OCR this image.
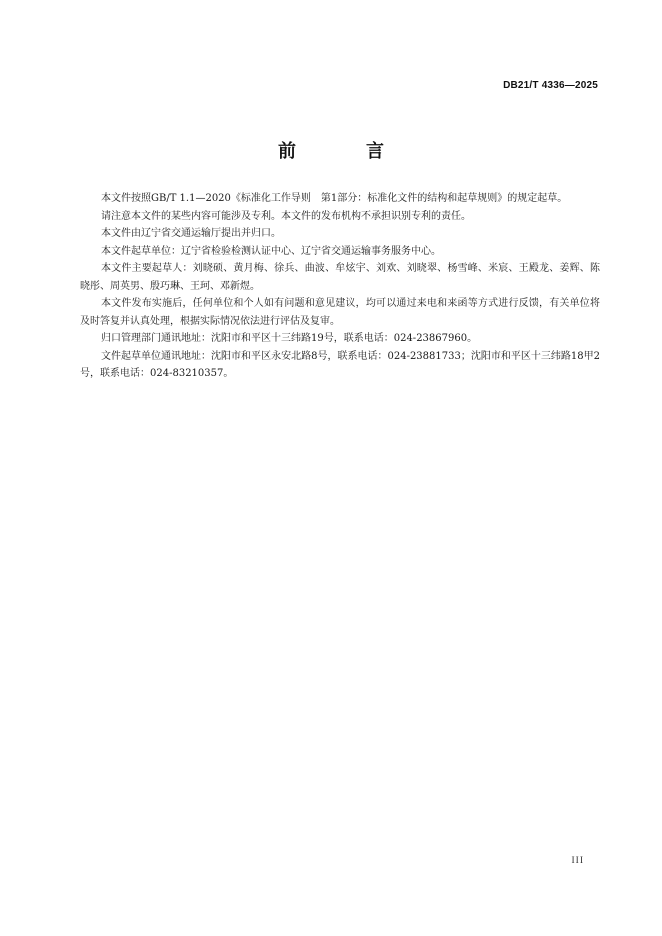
DB21/T 4336—2025
前　言

本文件按照GB/T 1.1—2020《标准化工作导则　第1部分：标准化文件的结构和起草规则》的规定起草。

请注意本文件的某些内容可能涉及专利。本文件的发布机构不承担识别专利的责任。

本文件由辽宁省交通运输厅提出并归口。

本文件起草单位：辽宁省检验检测认证中心、辽宁省交通运输事务服务中心。

本文件主要起草人：刘晓硕、黄月梅、徐兵、曲波、牟炫宇、刘欢、刘晓翠、杨雪峰、米宸、王殿龙、姜辉、陈晓彤、周英男、殷巧琳、王珂、邓新煜。

本文件发布实施后，任何单位和个人如有问题和意见建议，均可以通过来电和来函等方式进行反馈，有关单位将及时答复并认真处理，根据实际情况依法进行评估及复审。

归口管理部门通讯地址：沈阳市和平区十三纬路19号，联系电话：024-23867960。

文件起草单位通讯地址：沈阳市和平区永安北路8号，联系电话：024-23881733；沈阳市和平区十三纬路18甲2号，联系电话：024-83210357。

III
